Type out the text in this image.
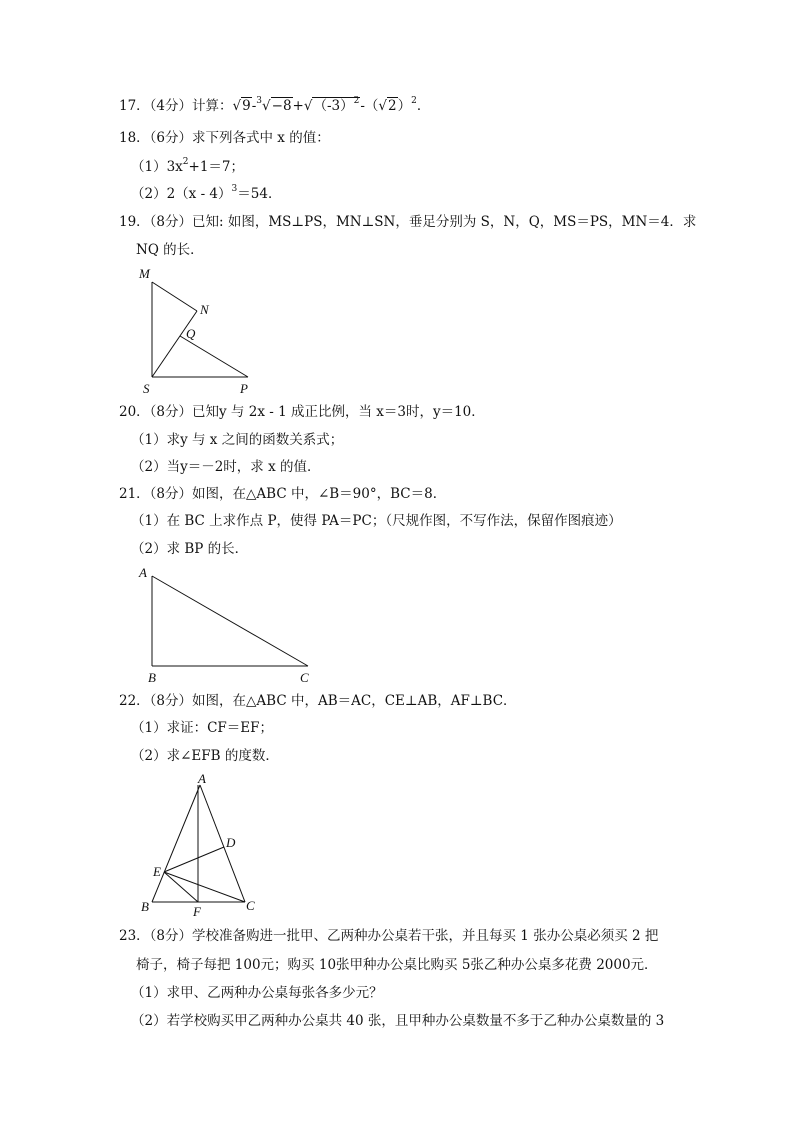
17．（4分）计算：$√9-^3√-8+√(-3)^2-(√2)^2$．
18．（6分）求下列各式中 x 的值：
$(1)3x^2+1=7$；
（2）2（x - 4）$^3$＝54．
19．（8分）已知: 如图，MS⊥PS，MN⊥SN，垂足分别为 S，N，Q，MS＝PS，MN＝4．求
NQ 的长．
M
N
Q
S	P
20．（8分）已知y 与 2x - 1 成正比例，当 x＝3时，y＝10．
（1）求y 与 x 之间的函数关系式；
（2）当y＝－2时，求 x 的值．
21．（8分）如图，在△ABC 中，∠B＝90°，BC＝8．
（1）在 BC 上求作点 P，使得 PA＝PC；（尺规作图，不写作法，保留作图痕迹）
（2）求 BP 的长．
A
B	C
22．（8分）如图，在△ABC 中，AB＝AC，CE⊥AB，AF⊥BC．
（1）求证：CF＝EF；
（2）求∠EFB 的度数．
A
D
E
B	F	C
23．（8分）学校准备购进一批甲、乙两种办公桌若干张，并且每买 1 张办公桌必须买 2 把
椅子，椅子每把 100元；购买 10张甲种办公桌比购买 5张乙种办公桌多花费 2000元．
（1）求甲、乙两种办公桌每张各多少元？
（2）若学校购买甲乙两种办公桌共 40 张，且甲种办公桌数量不多于乙种办公桌数量的 3
